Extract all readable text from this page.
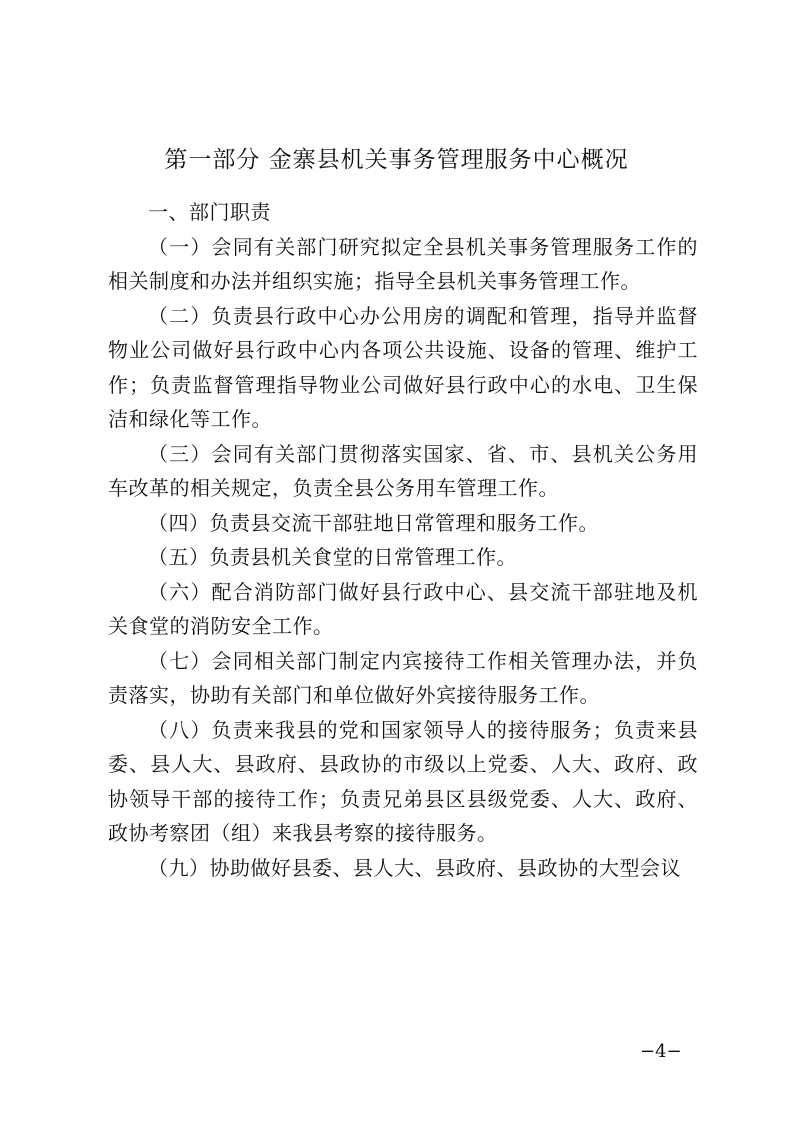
第一部分 金寨县机关事务管理服务中心概况

一、部门职责

（一）会同有关部门研究拟定全县机关事务管理服务工作的相关制度和办法并组织实施；指导全县机关事务管理工作。

（二）负责县行政中心办公用房的调配和管理，指导并监督物业公司做好县行政中心内各项公共设施、设备的管理、维护工作；负责监督管理指导物业公司做好县行政中心的水电、卫生保洁和绿化等工作。

（三）会同有关部门贯彻落实国家、省、市、县机关公务用车改革的相关规定，负责全县公务用车管理工作。

（四）负责县交流干部驻地日常管理和服务工作。

（五）负责县机关食堂的日常管理工作。

（六）配合消防部门做好县行政中心、县交流干部驻地及机关食堂的消防安全工作。

（七）会同相关部门制定内宾接待工作相关管理办法，并负责落实，协助有关部门和单位做好外宾接待服务工作。

（八）负责来我县的党和国家领导人的接待服务；负责来县委、县人大、县政府、县政协的市级以上党委、人大、政府、政协领导干部的接待工作；负责兄弟县区县级党委、人大、政府、政协考察团（组）来我县考察的接待服务。

（九）协助做好县委、县人大、县政府、县政协的大型会议

−4−
